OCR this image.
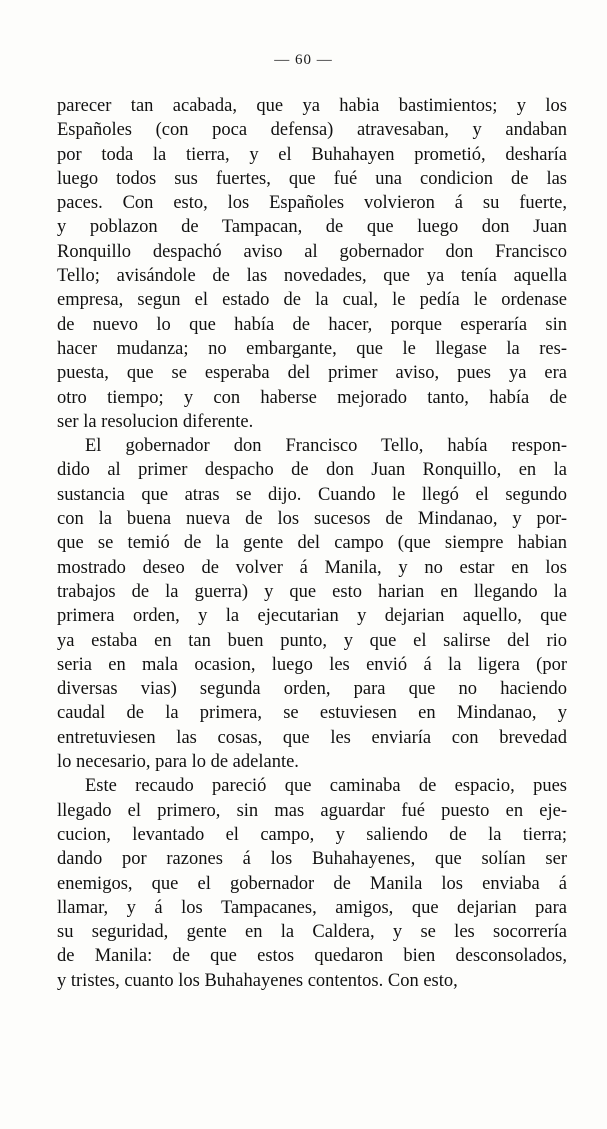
— 60 —
parecer tan acabada, que ya habia bastimientos; y los
Españoles (con poca defensa) atravesaban, y andaban
por toda la tierra, y el Buhahayen prometió, desharía
luego todos sus fuertes, que fué una condicion de las
paces. Con esto, los Españoles volvieron á su fuerte,
y poblazon de Tampacan, de que luego don Juan
Ronquillo despachó aviso al gobernador don Francisco
Tello; avisándole de las novedades, que ya tenía aquella
empresa, segun el estado de la cual, le pedía le ordenase
de nuevo lo que había de hacer, porque esperaría sin
hacer mudanza; no embargante, que le llegase la res-
puesta, que se esperaba del primer aviso, pues ya era
otro tiempo; y con haberse mejorado tanto, había de
ser la resolucion diferente.
El gobernador don Francisco Tello, había respon-
dido al primer despacho de don Juan Ronquillo, en la
sustancia que atras se dijo. Cuando le llegó el segundo
con la buena nueva de los sucesos de Mindanao, y por-
que se temió de la gente del campo (que siempre habian
mostrado deseo de volver á Manila, y no estar en los
trabajos de la guerra) y que esto harian en llegando la
primera orden, y la ejecutarian y dejarian aquello, que
ya estaba en tan buen punto, y que el salirse del rio
seria en mala ocasion, luego les envió á la ligera (por
diversas vias) segunda orden, para que no haciendo
caudal de la primera, se estuviesen en Mindanao, y
entretuviesen las cosas, que les enviaría con brevedad
lo necesario, para lo de adelante.
Este recaudo pareció que caminaba de espacio, pues
llegado el primero, sin mas aguardar fué puesto en eje-
cucion, levantado el campo, y saliendo de la tierra;
dando por razones á los Buhahayenes, que solían ser
enemigos, que el gobernador de Manila los enviaba á
llamar, y á los Tampacanes, amigos, que dejarian para
su seguridad, gente en la Caldera, y se les socorrería
de Manila: de que estos quedaron bien desconsolados,
y tristes, cuanto los Buhahayenes contentos. Con esto,
